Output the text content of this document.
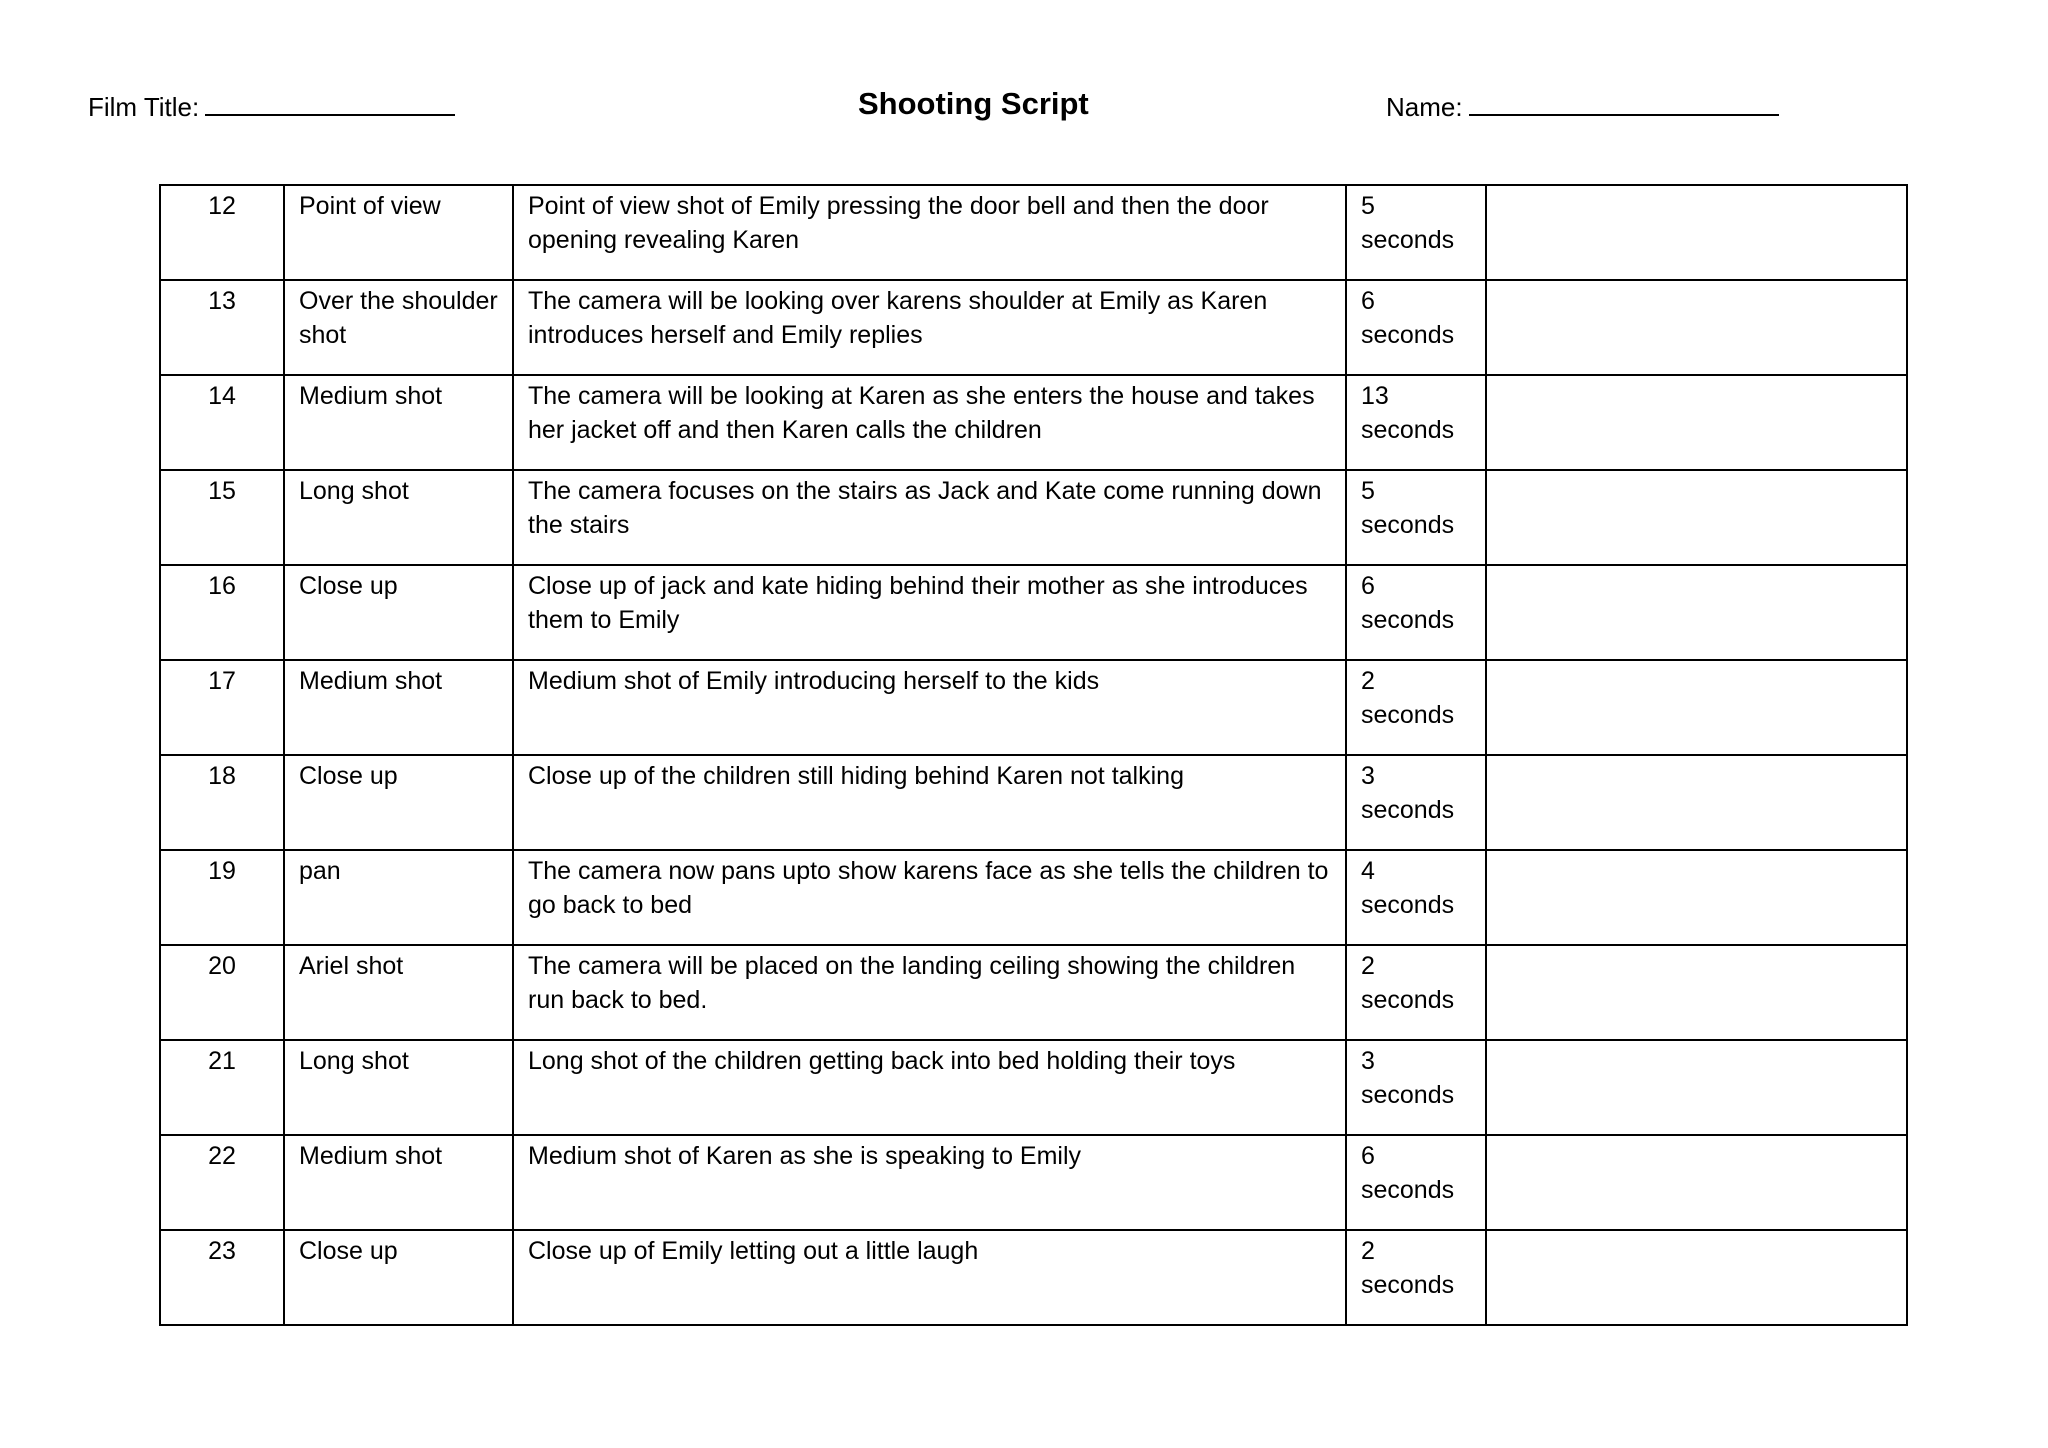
Film Title:	Shooting Script	Name:
12	Point of view	Point of view shot of Emily pressing the door bell and then the door opening revealing Karen	5 seconds	
13	Over the shoulder shot	The camera will be looking over karens shoulder at Emily as Karen introduces herself and Emily replies	6 seconds	
14	Medium shot	The camera will be looking at Karen as she enters the house and takes her jacket off and then Karen calls the children	13 seconds	
15	Long shot	The camera focuses on the stairs as Jack and Kate come running down the stairs	5 seconds	
16	Close up	Close up of jack and kate hiding behind their mother as she introduces them to Emily	6 seconds	
17	Medium shot	Medium shot of Emily introducing herself to the kids	2 seconds	
18	Close up	Close up of the children still hiding behind Karen not talking	3 seconds	
19	pan	The camera now pans upto show karens face as she tells the children to go back to bed	4 seconds	
20	Ariel shot	The camera will be placed on the landing ceiling showing the children run back to bed.	2 seconds	
21	Long shot	Long shot of the children getting back into bed holding their toys	3 seconds	
22	Medium shot	Medium shot of Karen as she is speaking to Emily	6 seconds	
23	Close up	Close up of Emily letting out a little laugh	2 seconds	
